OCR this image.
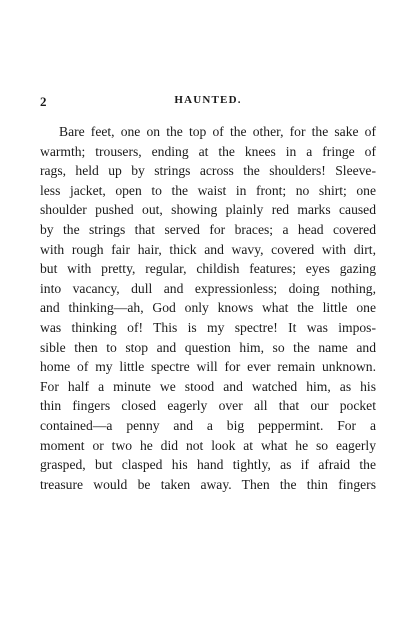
2	HAUNTED.

Bare feet, one on the top of the other, for the sake of
warmth; trousers, ending at the knees in a fringe of
rags, held up by strings across the shoulders! Sleeve-
less jacket, open to the waist in front; no shirt; one
shoulder pushed out, showing plainly red marks caused
by the strings that served for braces; a head covered
with rough fair hair, thick and wavy, covered with dirt,
but with pretty, regular, childish features; eyes gazing
into vacancy, dull and expressionless; doing nothing,
and thinking—ah, God only knows what the little one
was thinking of! This is my spectre! It was impos-
sible then to stop and question him, so the name and
home of my little spectre will for ever remain unknown.
For half a minute we stood and watched him, as his
thin fingers closed eagerly over all that our pocket
contained—a penny and a big peppermint. For a
moment or two he did not look at what he so eagerly
grasped, but clasped his hand tightly, as if afraid the
treasure would be taken away. Then the thin fingers
